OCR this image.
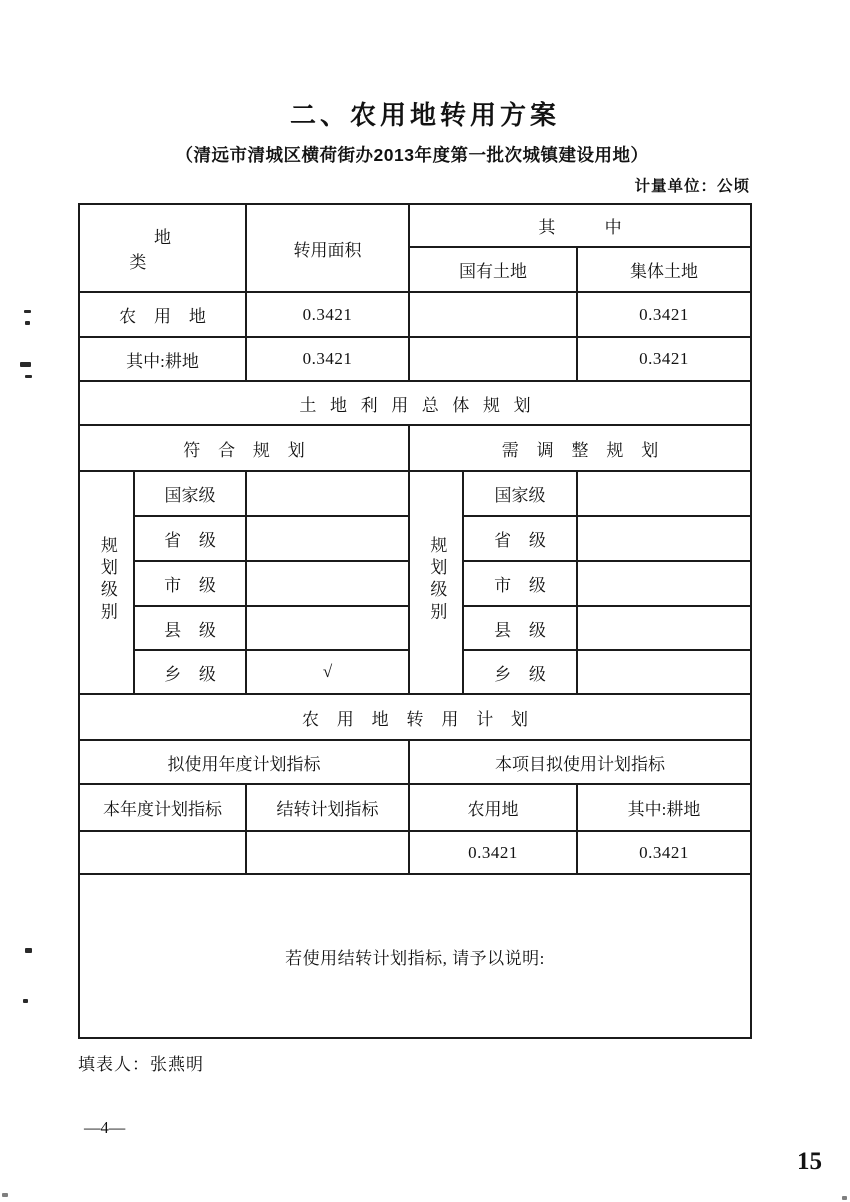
二、农用地转用方案
（清远市清城区横荷街办2013年度第一批次城镇建设用地）
计量单位：公顷
地类		转用面积	其中		
			国有土地		集体土地
农用地		0.3421			0.3421
其中:耕地		0.3421			0.3421
土地利用总体规划					
符合规划			需调整规划		
规划级别	国家级		规划级别	国家级	
	省级			省级	
	市级			市级	
	县级			县级	
	乡级	√		乡级	
农用地转用计划					
拟使用年度计划指标			本项目拟使用计划指标		
本年度计划指标		结转计划指标	农用地		其中:耕地
			0.3421		0.3421
若使用结转计划指标, 请予以说明:					
填表人：张燕明
—4—
15
